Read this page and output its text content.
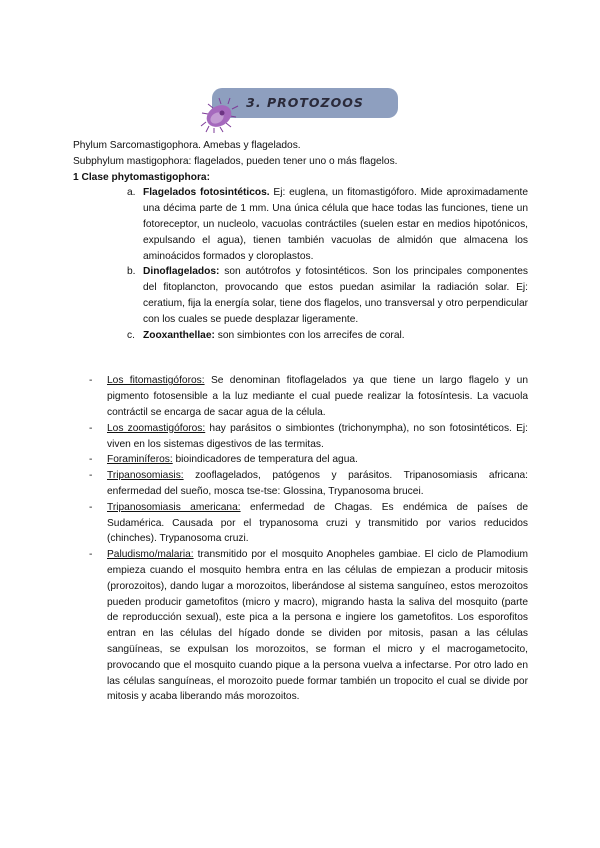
3. PROTOZOOS

Phylum Sarcomastigophora. Amebas y flagelados.

Subphylum mastigophora: flagelados, pueden tener uno o más flagelos.

1 Clase phytomastigophora:

a. Flagelados fotosintéticos. Ej: euglena, un fitomastigóforo. Mide aproximadamente una décima parte de 1 mm. Una única célula que hace todas las funciones, tiene un fotoreceptor, un nucleolo, vacuolas contráctiles (suelen estar en medios hipotónicos, expulsando el agua), tienen también vacuolas de almidón que almacena los aminoácidos formados y cloroplastos.
b. Dinoflagelados: son autótrofos y fotosintéticos. Son los principales componentes del fitoplancton, provocando que estos puedan asimilar la radiación solar. Ej: ceratium, fija la energía solar, tiene dos flagelos, uno transversal y otro perpendicular con los cuales se puede desplazar ligeramente.
c. Zooxanthellae: son simbiontes con los arrecifes de coral.
- Los fitomastigóforos: Se denominan fitoflagelados ya que tiene un largo flagelo y un pigmento fotosensible a la luz mediante el cual puede realizar la fotosíntesis. La vacuola contráctil se encarga de sacar agua de la célula.
- Los zoomastigóforos: hay parásitos o simbiontes (trichonympha), no son fotosintéticos. Ej: viven en los sistemas digestivos de las termitas.
- Foraminíferos: bioindicadores de temperatura del agua.
- Tripanosomiasis: zooflagelados, patógenos y parásitos. Tripanosomiasis africana: enfermedad del sueño, mosca tse-tse: Glossina, Trypanosoma brucei.
- Tripanosomiasis americana: enfermedad de Chagas. Es endémica de países de Sudamérica. Causada por el trypanosoma cruzi y transmitido por varios reducidos (chinches). Trypanosoma cruzi.
- Paludismo/malaria: transmitido por el mosquito Anopheles gambiae. El ciclo de Plamodium empieza cuando el mosquito hembra entra en las células de empiezan a producir mitosis (prorozoitos), dando lugar a morozoitos, liberándose al sistema sanguíneo, estos merozoitos pueden producir gametofitos (micro y macro), migrando hasta la saliva del mosquito (parte de reproducción sexual), este pica a la persona e ingiere los gametofitos. Los esporofitos entran en las células del hígado donde se dividen por mitosis, pasan a las células sangüíneas, se expulsan los morozoitos, se forman el micro y el macrogametocito, provocando que el mosquito cuando pique a la persona vuelva a infectarse. Por otro lado en las células sanguíneas, el morozoito puede formar también un tropocito el cual se divide por mitosis y acaba liberando más morozoitos.
